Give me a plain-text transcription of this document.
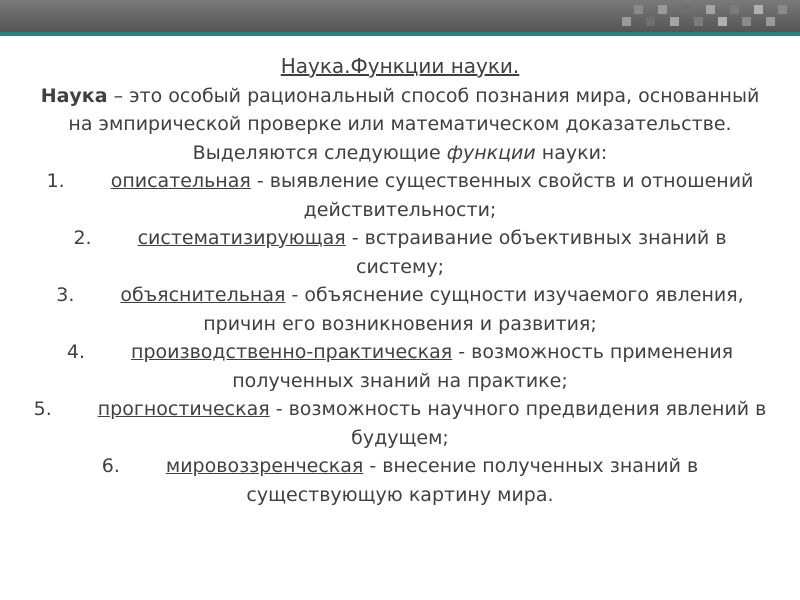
Наука.Функции науки.

Наука – это особый рациональный способ познания мира, основанный на эмпирической проверке или математическом доказательстве.

Выделяются следующие функции науки:

1. описательная - выявление существенных свойств и отношений действительности;

2. систематизирующая - встраивание объективных знаний в систему;

3. объяснительная - объяснение сущности изучаемого явления, причин его возникновения и развития;

4. производственно-практическая - возможность применения полученных знаний на практике;

5. прогностическая - возможность научного предвидения явлений в будущем;

6. мировоззренческая - внесение полученных знаний в существующую картину мира.
